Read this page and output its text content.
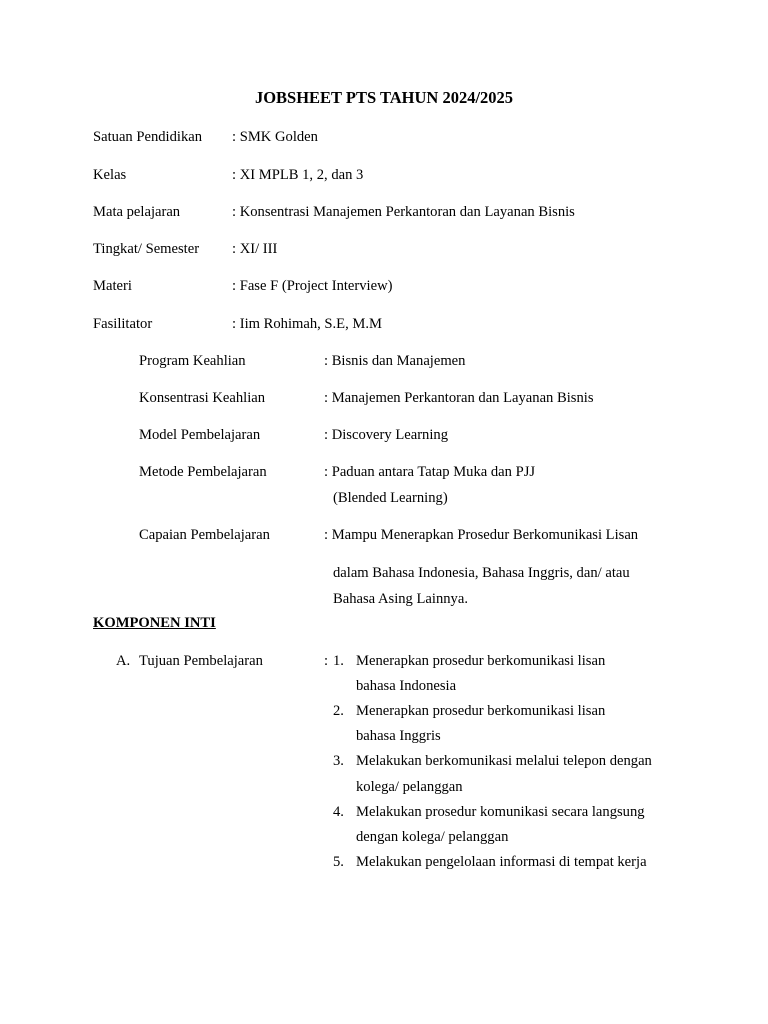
JOBSHEET PTS TAHUN 2024/2025
Satuan Pendidikan : SMK Golden
Kelas	: XI MPLB 1, 2, dan 3
Mata pelajaran	: Konsentrasi Manajemen Perkantoran dan Layanan Bisnis
Tingkat/ Semester : XI/ III
Materi	: Fase F (Project Interview)
Fasilitator	: Iim Rohimah, S.E, M.M
Program Keahlian	: Bisnis dan Manajemen
Konsentrasi Keahlian	: Manajemen Perkantoran dan Layanan Bisnis
Model Pembelajaran	: Discovery Learning
Metode Pembelajaran	: Paduan antara Tatap Muka dan PJJ
(Blended Learning)
Capaian Pembelajaran	: Mampu Menerapkan Prosedur Berkomunikasi Lisan
dalam Bahasa Indonesia, Bahasa Inggris, dan/ atau
Bahasa Asing Lainnya.
KOMPONEN INTI
A. Tujuan Pembelajaran	: 1. Menerapkan prosedur berkomunikasi lisan
bahasa Indonesia
2. Menerapkan prosedur berkomunikasi lisan
bahasa Inggris
3. Melakukan berkomunikasi melalui telepon dengan
kolega/ pelanggan
4. Melakukan prosedur komunikasi secara langsung
dengan kolega/ pelanggan
5. Melakukan pengelolaan informasi di tempat kerja
